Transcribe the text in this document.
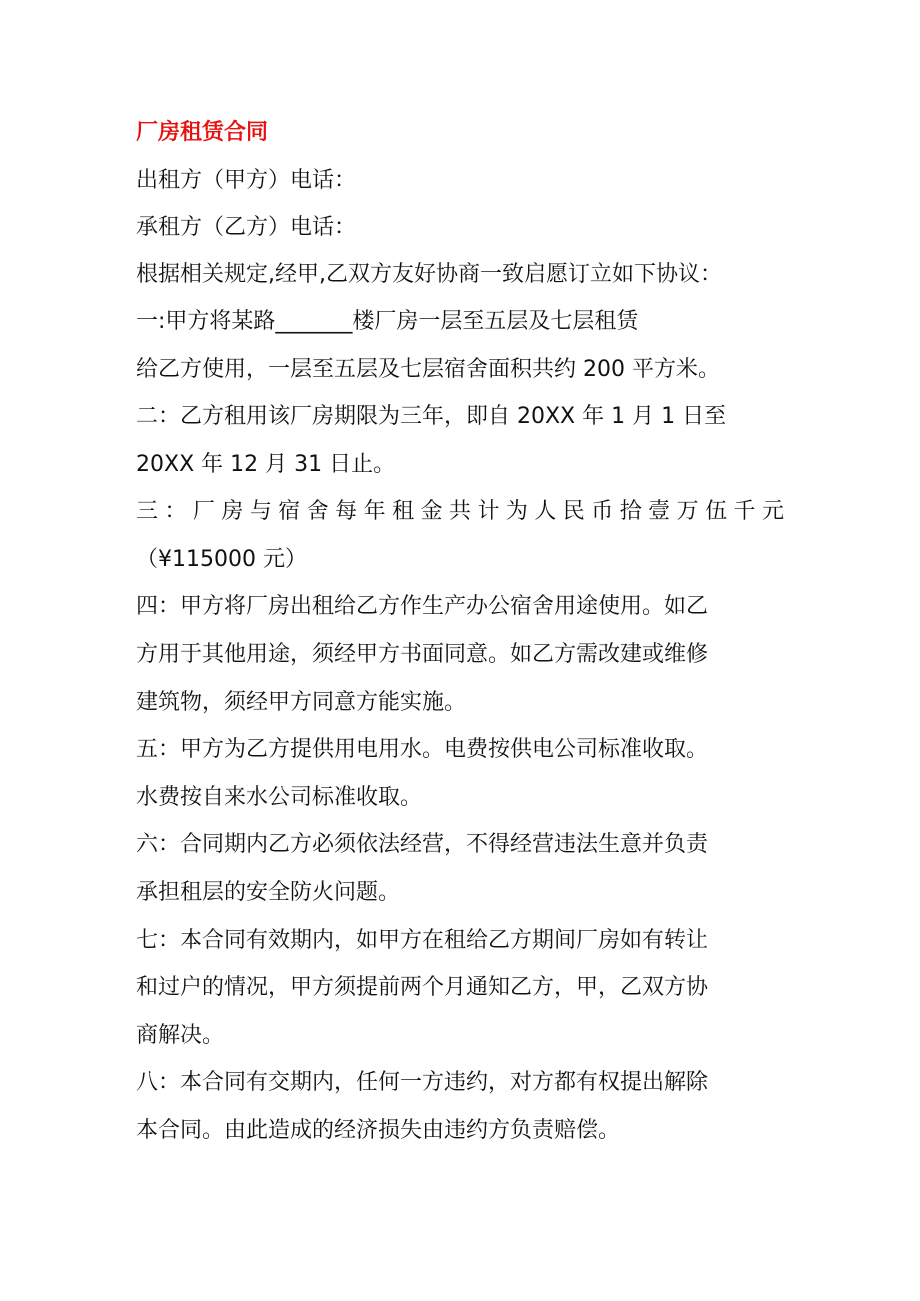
厂房租赁合同
出租方（甲方）电话：
承租方（乙方）电话：
根据相关规定,经甲,乙双方友好协商一致启愿订立如下协议：
一:甲方将某路_______楼厂房一层至五层及七层租赁
给乙方使用，一层至五层及七层宿舍面积共约 200 平方米。
二：乙方租用该厂房期限为三年，即自 20XX 年 1 月 1 日至
20XX 年 12 月 31 日止。
三：厂房与宿舍每年租金共计为人民币拾壹万伍千元
（¥115000 元）
四：甲方将厂房出租给乙方作生产办公宿舍用途使用。如乙
方用于其他用途，须经甲方书面同意。如乙方需改建或维修
建筑物，须经甲方同意方能实施。
五：甲方为乙方提供用电用水。电费按供电公司标准收取。
水费按自来水公司标准收取。
六：合同期内乙方必须依法经营，不得经营违法生意并负责
承担租层的安全防火问题。
七：本合同有效期内，如甲方在租给乙方期间厂房如有转让
和过户的情况，甲方须提前两个月通知乙方，甲，乙双方协
商解决。
八：本合同有交期内，任何一方违约，对方都有权提出解除
本合同。由此造成的经济损失由违约方负责赔偿。
